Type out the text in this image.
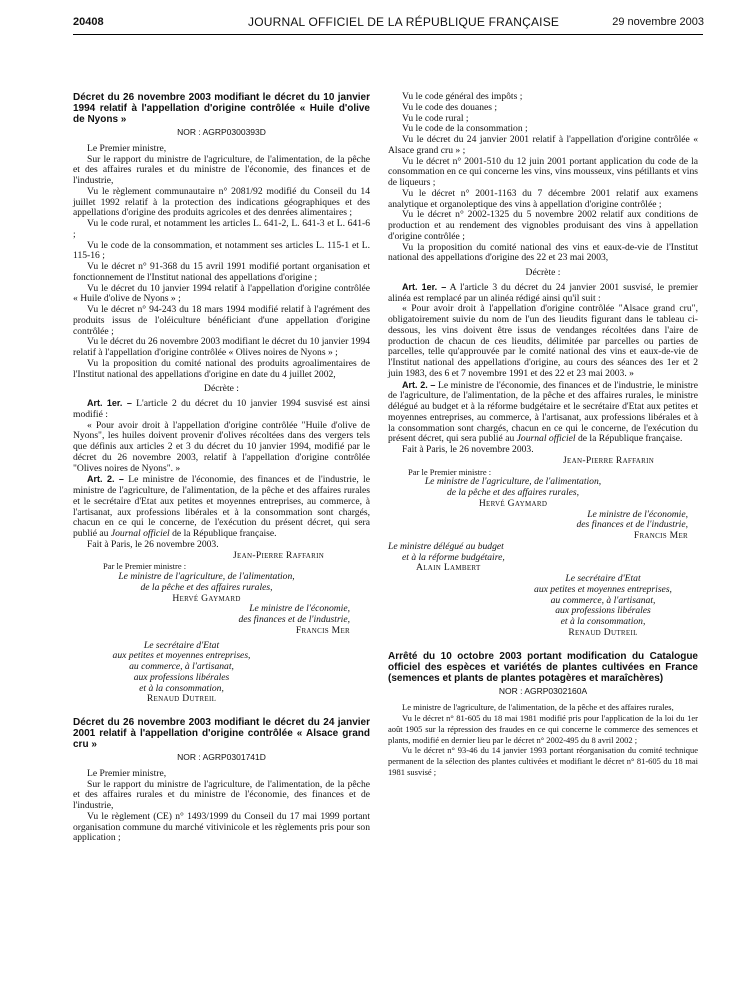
20408	JOURNAL OFFICIEL DE LA RÉPUBLIQUE FRANÇAISE	29 novembre 2003

Décret du 26 novembre 2003 modifiant le décret du 10 janvier 1994 relatif à l'appellation d'origine contrôlée « Huile d'olive de Nyons »

NOR : AGRP0300393D

Le Premier ministre,

Sur le rapport du ministre de l'agriculture, de l'alimentation, de la pêche et des affaires rurales et du ministre de l'économie, des finances et de l'industrie,

Vu le règlement communautaire n° 2081/92 modifié du Conseil du 14 juillet 1992 relatif à la protection des indications géographiques et des appellations d'origine des produits agricoles et des denrées alimentaires ;

Vu le code rural, et notamment les articles L. 641-2, L. 641-3 et L. 641-6 ;

Vu le code de la consommation, et notamment ses articles L. 115-1 et L. 115-16 ;

Vu le décret n° 91-368 du 15 avril 1991 modifié portant organisation et fonctionnement de l'Institut national des appellations d'origine ;

Vu le décret du 10 janvier 1994 relatif à l'appellation d'origine contrôlée « Huile d'olive de Nyons » ;

Vu le décret n° 94-243 du 18 mars 1994 modifié relatif à l'agrément des produits issus de l'oléiculture bénéficiant d'une appellation d'origine contrôlée ;

Vu le décret du 26 novembre 2003 modifiant le décret du 10 janvier 1994 relatif à l'appellation d'origine contrôlée « Olives noires de Nyons » ;

Vu la proposition du comité national des produits agroalimentaires de l'Institut national des appellations d'origine en date du 4 juillet 2002,

Décrète :

Art. 1er. – L'article 2 du décret du 10 janvier 1994 susvisé est ainsi modifié :

« Pour avoir droit à l'appellation d'origine contrôlée "Huile d'olive de Nyons", les huiles doivent provenir d'olives récoltées dans des vergers tels que définis aux articles 2 et 3 du décret du 10 janvier 1994, modifié par le décret du 26 novembre 2003, relatif à l'appellation d'origine contrôlée "Olives noires de Nyons". »

Art. 2. – Le ministre de l'économie, des finances et de l'industrie, le ministre de l'agriculture, de l'alimentation, de la pêche et des affaires rurales et le secrétaire d'Etat aux petites et moyennes entreprises, au commerce, à l'artisanat, aux professions libérales et à la consommation sont chargés, chacun en ce qui le concerne, de l'exécution du présent décret, qui sera publié au Journal officiel de la République française.

Fait à Paris, le 26 novembre 2003.

Jean-Pierre Raffarin

Par le Premier ministre :

Le ministre de l'agriculture, de l'alimentation,
de la pêche et des affaires rurales,
Hervé Gaymard
Le ministre de l'économie,
des finances et de l'industrie,
Francis Mer
Le secrétaire d'Etat
aux petites et moyennes entreprises,
au commerce, à l'artisanat,
aux professions libérales
et à la consommation,
Renaud Dutreil

Décret du 26 novembre 2003 modifiant le décret du 24 janvier 2001 relatif à l'appellation d'origine contrôlée « Alsace grand cru »

NOR : AGRP0301741D

Le Premier ministre,

Sur le rapport du ministre de l'agriculture, de l'alimentation, de la pêche et des affaires rurales et du ministre de l'économie, des finances et de l'industrie,

Vu le règlement (CE) n° 1493/1999 du Conseil du 17 mai 1999 portant organisation commune du marché vitivinicole et les règlements pris pour son application ;

Vu le code général des impôts ;

Vu le code des douanes ;

Vu le code rural ;

Vu le code de la consommation ;

Vu le décret du 24 janvier 2001 relatif à l'appellation d'origine contrôlée « Alsace grand cru » ;

Vu le décret n° 2001-510 du 12 juin 2001 portant application du code de la consommation en ce qui concerne les vins, vins mousseux, vins pétillants et vins de liqueurs ;

Vu le décret n° 2001-1163 du 7 décembre 2001 relatif aux examens analytique et organoleptique des vins à appellation d'origine contrôlée ;

Vu le décret n° 2002-1325 du 5 novembre 2002 relatif aux conditions de production et au rendement des vignobles produisant des vins à appellation d'origine contrôlée ;

Vu la proposition du comité national des vins et eaux-de-vie de l'Institut national des appellations d'origine des 22 et 23 mai 2003,

Décrète :

Art. 1er. – A l'article 3 du décret du 24 janvier 2001 susvisé, le premier alinéa est remplacé par un alinéa rédigé ainsi qu'il suit :

« Pour avoir droit à l'appellation d'origine contrôlée "Alsace grand cru", obligatoirement suivie du nom de l'un des lieudits figurant dans le tableau ci-dessous, les vins doivent être issus de vendanges récoltées dans l'aire de production de chacun de ces lieudits, délimitée par parcelles ou parties de parcelles, telle qu'approuvée par le comité national des vins et eaux-de-vie de l'Institut national des appellations d'origine, au cours des séances des 1er et 2 juin 1983, des 6 et 7 novembre 1991 et des 22 et 23 mai 2003. »

Art. 2. – Le ministre de l'économie, des finances et de l'industrie, le ministre de l'agriculture, de l'alimentation, de la pêche et des affaires rurales, le ministre délégué au budget et à la réforme budgétaire et le secrétaire d'Etat aux petites et moyennes entreprises, au commerce, à l'artisanat, aux professions libérales et à la consommation sont chargés, chacun en ce qui le concerne, de l'exécution du présent décret, qui sera publié au Journal officiel de la République française.

Fait à Paris, le 26 novembre 2003.

Jean-Pierre Raffarin

Par le Premier ministre :

Le ministre de l'agriculture, de l'alimentation,
de la pêche et des affaires rurales,
Hervé Gaymard
Le ministre de l'économie,
des finances et de l'industrie,
Francis Mer
Le ministre délégué au budget
et à la réforme budgétaire,
Alain Lambert
Le secrétaire d'Etat
aux petites et moyennes entreprises,
au commerce, à l'artisanat,
aux professions libérales
et à la consommation,
Renaud Dutreil

Arrêté du 10 octobre 2003 portant modification du Catalogue officiel des espèces et variétés de plantes cultivées en France (semences et plants de plantes potagères et maraîchères)

NOR : AGRP0302160A

Le ministre de l'agriculture, de l'alimentation, de la pêche et des affaires rurales,

Vu le décret n° 81-605 du 18 mai 1981 modifié pris pour l'application de la loi du 1er août 1905 sur la répression des fraudes en ce qui concerne le commerce des semences et plants, modifié en dernier lieu par le décret n° 2002-495 du 8 avril 2002 ;

Vu le décret n° 93-46 du 14 janvier 1993 portant réorganisation du comité technique permanent de la sélection des plantes cultivées et modifiant le décret n° 81-605 du 18 mai 1981 susvisé ;
